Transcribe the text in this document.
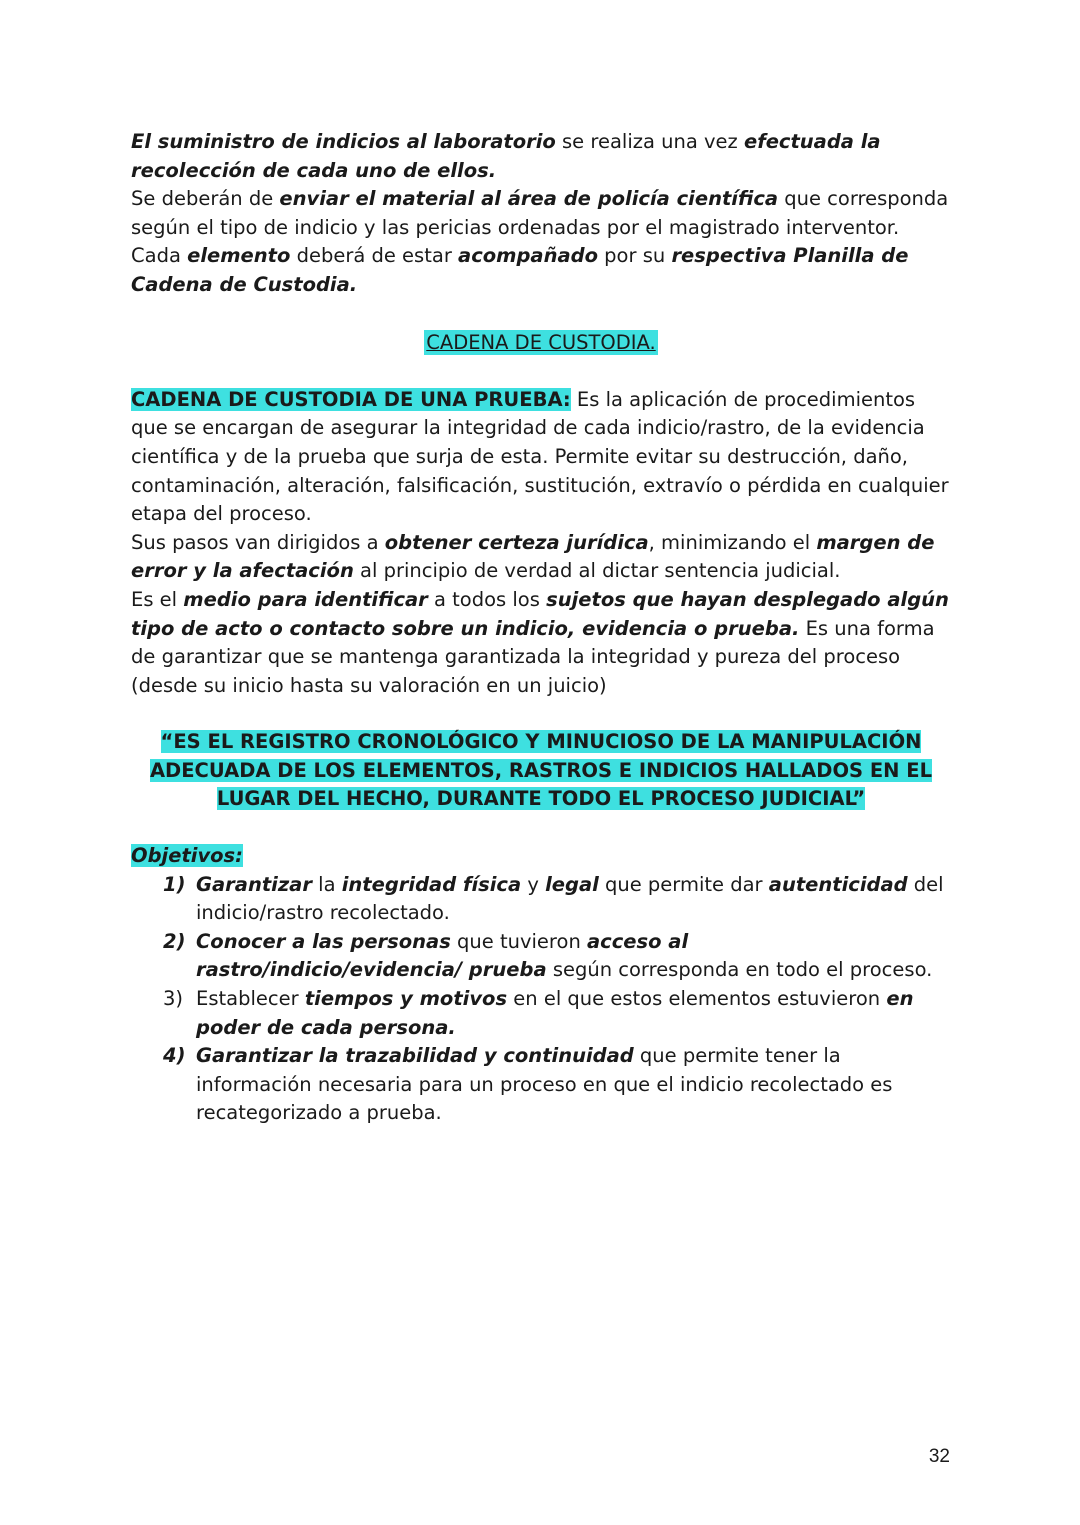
El suministro de indicios al laboratorio se realiza una vez efectuada la recolección de cada uno de ellos.
Se deberán de enviar el material al área de policía científica que corresponda según el tipo de indicio y las pericias ordenadas por el magistrado interventor.
Cada elemento deberá de estar acompañado por su respectiva Planilla de Cadena de Custodia.

CADENA DE CUSTODIA.

CADENA DE CUSTODIA DE UNA PRUEBA: Es la aplicación de procedimientos que se encargan de asegurar la integridad de cada indicio/rastro, de la evidencia científica y de la prueba que surja de esta. Permite evitar su destrucción, daño, contaminación, alteración, falsificación, sustitución, extravío o pérdida en cualquier etapa del proceso.
Sus pasos van dirigidos a obtener certeza jurídica, minimizando el margen de error y la afectación al principio de verdad al dictar sentencia judicial.
Es el medio para identificar a todos los sujetos que hayan desplegado algún tipo de acto o contacto sobre un indicio, evidencia o prueba. Es una forma de garantizar que se mantenga garantizada la integridad y pureza del proceso (desde su inicio hasta su valoración en un juicio)

“ES EL REGISTRO CRONOLÓGICO Y MINUCIOSO DE LA MANIPULACIÓN
ADECUADA DE LOS ELEMENTOS, RASTROS E INDICIOS HALLADOS EN EL
LUGAR DEL HECHO, DURANTE TODO EL PROCESO JUDICIAL”

Objetivos:

1) Garantizar la integridad física y legal que permite dar autenticidad del indicio/rastro recolectado.
2) Conocer a las personas que tuvieron acceso al rastro/indicio/evidencia/ prueba según corresponda en todo el proceso.
3) Establecer tiempos y motivos en el que estos elementos estuvieron en poder de cada persona.
4) Garantizar la trazabilidad y continuidad que permite tener la información necesaria para un proceso en que el indicio recolectado es recategorizado a prueba.
32
